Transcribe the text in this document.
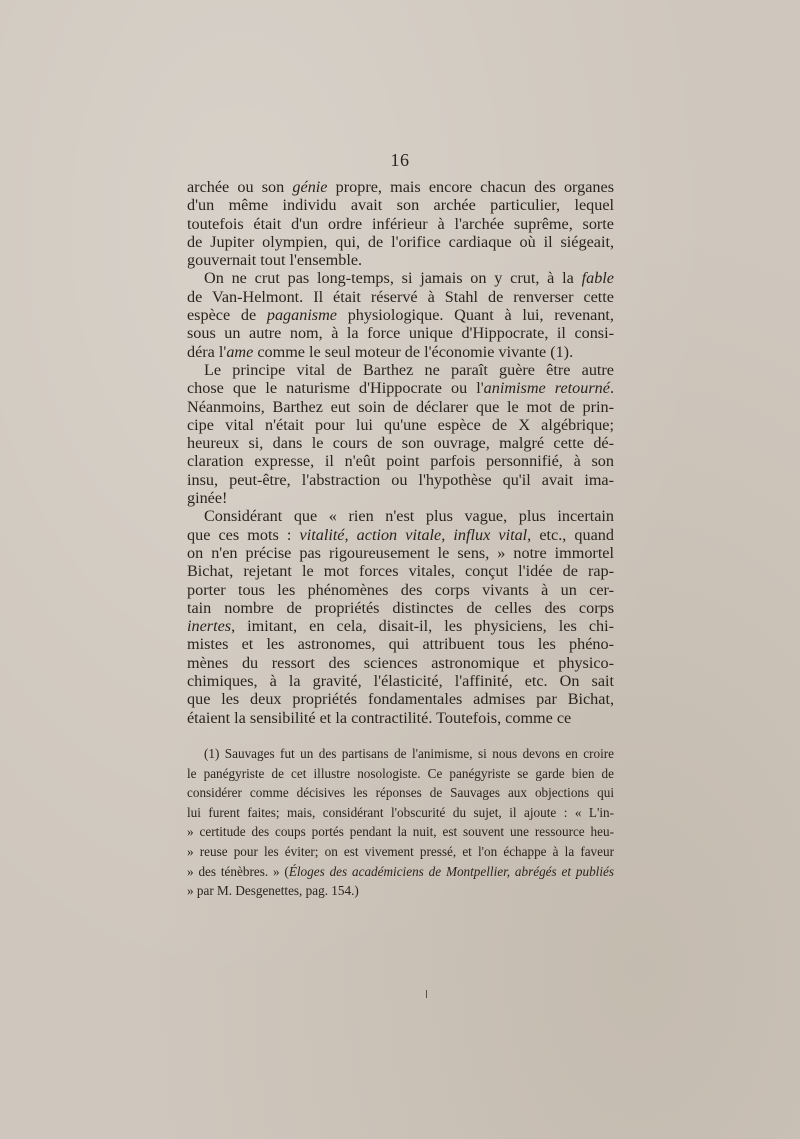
16
archée ou son génie propre, mais encore chacun des organes
d'un même individu avait son archée particulier, lequel
toutefois était d'un ordre inférieur à l'archée suprême, sorte
de Jupiter olympien, qui, de l'orifice cardiaque où il siégeait,
gouvernait tout l'ensemble.
On ne crut pas long-temps, si jamais on y crut, à la fable
de Van-Helmont. Il était réservé à Stahl de renverser cette
espèce de paganisme physiologique. Quant à lui, revenant,
sous un autre nom, à la force unique d'Hippocrate, il consi-
déra l'ame comme le seul moteur de l'économie vivante (1).
Le principe vital de Barthez ne paraît guère être autre
chose que le naturisme d'Hippocrate ou l'animisme retourné.
Néanmoins, Barthez eut soin de déclarer que le mot de prin-
cipe vital n'était pour lui qu'une espèce de X algébrique;
heureux si, dans le cours de son ouvrage, malgré cette dé-
claration expresse, il n'eût point parfois personnifié, à son
insu, peut-être, l'abstraction ou l'hypothèse qu'il avait ima-
ginée!
Considérant que « rien n'est plus vague, plus incertain
que ces mots : vitalité, action vitale, influx vital, etc., quand
on n'en précise pas rigoureusement le sens, » notre immortel
Bichat, rejetant le mot forces vitales, conçut l'idée de rap-
porter tous les phénomènes des corps vivants à un cer-
tain nombre de propriétés distinctes de celles des corps
inertes, imitant, en cela, disait-il, les physiciens, les chi-
mistes et les astronomes, qui attribuent tous les phéno-
mènes du ressort des sciences astronomique et physico-
chimiques, à la gravité, l'élasticité, l'affinité, etc. On sait
que les deux propriétés fondamentales admises par Bichat,
étaient la sensibilité et la contractilité. Toutefois, comme ce
(1) Sauvages fut un des partisans de l'animisme, si nous devons en croire
le panégyriste de cet illustre nosologiste. Ce panégyriste se garde bien de
considérer comme décisives les réponses de Sauvages aux objections qui
lui furent faites; mais, considérant l'obscurité du sujet, il ajoute : « L'in-
» certitude des coups portés pendant la nuit, est souvent une ressource heu-
» reuse pour les éviter; on est vivement pressé, et l'on échappe à la faveur
» des ténèbres. » (Éloges des académiciens de Montpellier, abrégés et publiés
» par M. Desgenettes, pag. 154.)
